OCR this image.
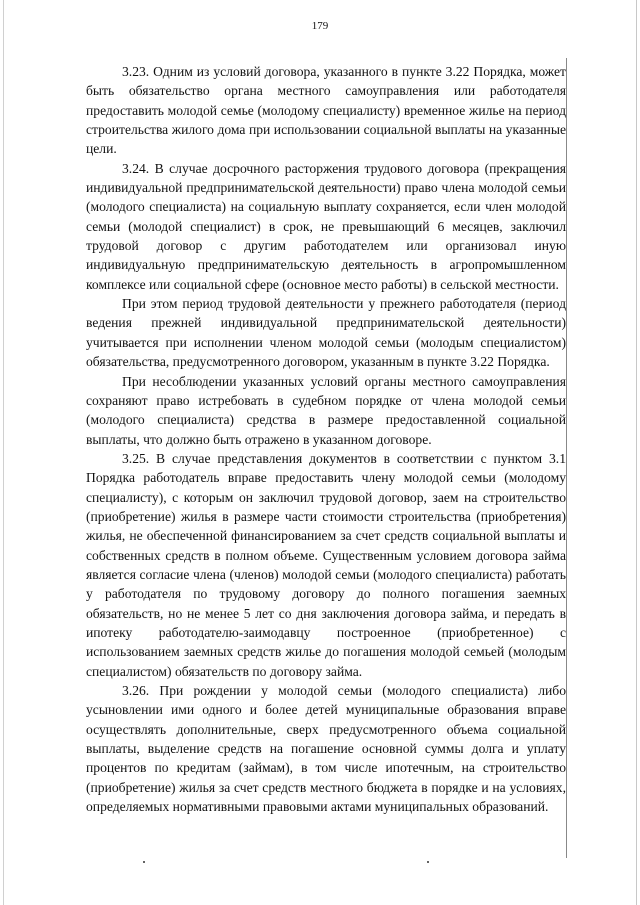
179

3.23. Одним из условий договора, указанного в пункте 3.22 Порядка, может быть обязательство органа местного самоуправления или работодателя предоставить молодой семье (молодому специалисту) временное жилье на период строительства жилого дома при использовании социальной выплаты на указанные цели.

3.24. В случае досрочного расторжения трудового договора (прекращения индивидуальной предпринимательской деятельности) право члена молодой семьи (молодого специалиста) на социальную выплату сохраняется, если член молодой семьи (молодой специалист) в срок, не превышающий 6 месяцев, заключил трудовой договор с другим работодателем или организовал иную индивидуальную предпринимательскую деятельность в агропромышленном комплексе или социальной сфере (основное место работы) в сельской местности.

При этом период трудовой деятельности у прежнего работодателя (период ведения прежней индивидуальной предпринимательской деятельности) учитывается при исполнении членом молодой семьи (молодым специалистом) обязательства, предусмотренного договором, указанным в пункте 3.22 Порядка.

При несоблюдении указанных условий органы местного самоуправления сохраняют право истребовать в судебном порядке от члена молодой семьи (молодого специалиста) средства в размере предоставленной социальной выплаты, что должно быть отражено в указанном договоре.

3.25. В случае представления документов в соответствии с пунктом 3.1 Порядка работодатель вправе предоставить члену молодой семьи (молодому специалисту), с которым он заключил трудовой договор, заем на строительство (приобретение) жилья в размере части стоимости строительства (приобретения) жилья, не обеспеченной финансированием за счет средств социальной выплаты и собственных средств в полном объеме. Существенным условием договора займа является согласие члена (членов) молодой семьи (молодого специалиста) работать у работодателя по трудовому договору до полного погашения заемных обязательств, но не менее 5 лет со дня заключения договора займа, и передать в ипотеку работодателю-заимодавцу построенное (приобретенное) с использованием заемных средств жилье до погашения молодой семьей (молодым специалистом) обязательств по договору займа.

3.26. При рождении у молодой семьи (молодого специалиста) либо усыновлении ими одного и более детей муниципальные образования вправе осуществлять дополнительные, сверх предусмотренного объема социальной выплаты, выделение средств на погашение основной суммы долга и уплату процентов по кредитам (займам), в том числе ипотечным, на строительство (приобретение) жилья за счет средств местного бюджета в порядке и на условиях, определяемых нормативными правовыми актами муниципальных образований.
